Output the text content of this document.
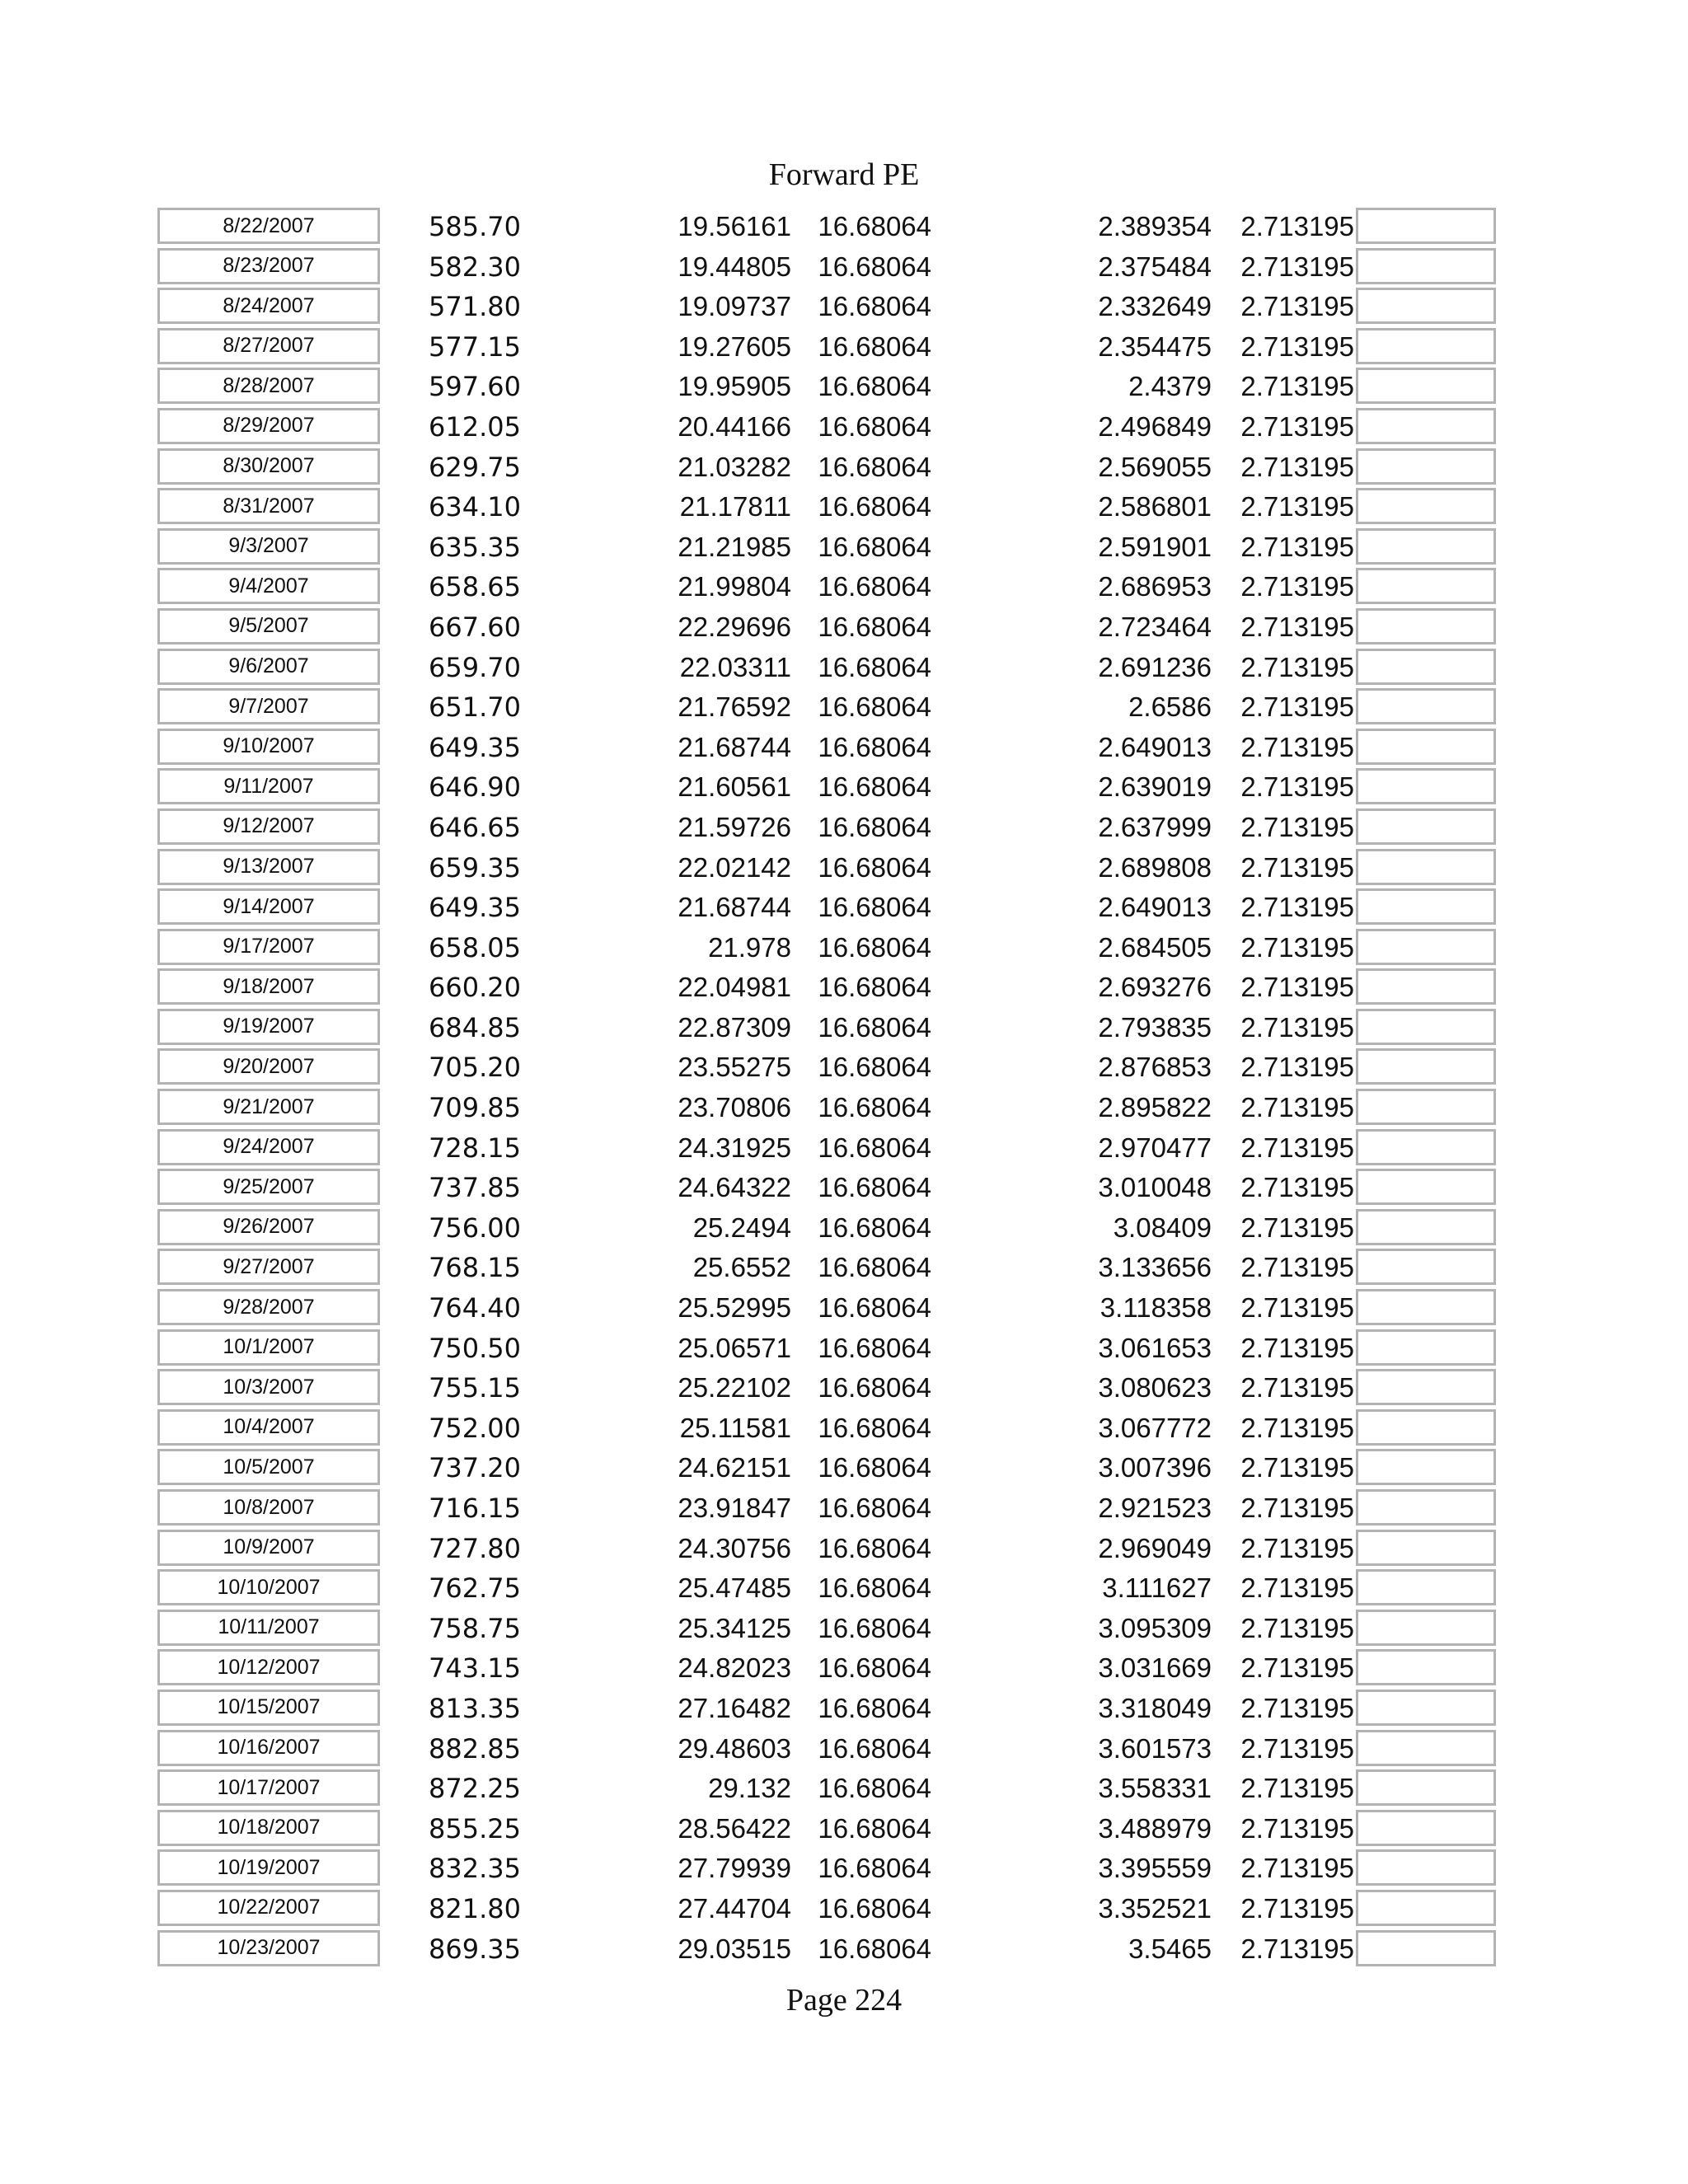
Forward PE
8/22/2007	585.70	19.56161 16.68064	2.389354	2.713195
8/23/2007	582.30	19.44805 16.68064	2.375484	2.713195
8/24/2007	571.80	19.09737 16.68064	2.332649	2.713195
8/27/2007	577.15	19.27605 16.68064	2.354475	2.713195
8/28/2007	597.60	19.95905 16.68064	2.4379	2.713195
8/29/2007	612.05	20.44166 16.68064	2.496849	2.713195
8/30/2007	629.75	21.03282 16.68064	2.569055	2.713195
8/31/2007	634.10	21.17811 16.68064	2.586801	2.713195
9/3/2007	635.35	21.21985 16.68064	2.591901	2.713195
9/4/2007	658.65	21.99804 16.68064	2.686953	2.713195
9/5/2007	667.60	22.29696 16.68064	2.723464	2.713195
9/6/2007	659.70	22.03311 16.68064	2.691236	2.713195
9/7/2007	651.70	21.76592 16.68064	2.6586	2.713195
9/10/2007	649.35	21.68744 16.68064	2.649013	2.713195
9/11/2007	646.90	21.60561 16.68064	2.639019	2.713195
9/12/2007	646.65	21.59726 16.68064	2.637999	2.713195
9/13/2007	659.35	22.02142 16.68064	2.689808	2.713195
9/14/2007	649.35	21.68744 16.68064	2.649013	2.713195
9/17/2007	658.05	21.978 16.68064	2.684505	2.713195
9/18/2007	660.20	22.04981 16.68064	2.693276	2.713195
9/19/2007	684.85	22.87309 16.68064	2.793835	2.713195
9/20/2007	705.20	23.55275 16.68064	2.876853	2.713195
9/21/2007	709.85	23.70806 16.68064	2.895822	2.713195
9/24/2007	728.15	24.31925 16.68064	2.970477	2.713195
9/25/2007	737.85	24.64322 16.68064	3.010048	2.713195
9/26/2007	756.00	25.2494 16.68064	3.08409	2.713195
9/27/2007	768.15	25.6552 16.68064	3.133656	2.713195
9/28/2007	764.40	25.52995 16.68064	3.118358	2.713195
10/1/2007	750.50	25.06571 16.68064	3.061653	2.713195
10/3/2007	755.15	25.22102 16.68064	3.080623	2.713195
10/4/2007	752.00	25.11581 16.68064	3.067772	2.713195
10/5/2007	737.20	24.62151 16.68064	3.007396	2.713195
10/8/2007	716.15	23.91847 16.68064	2.921523	2.713195
10/9/2007	727.80	24.30756 16.68064	2.969049	2.713195
10/10/2007	762.75	25.47485 16.68064	3.111627	2.713195
10/11/2007	758.75	25.34125 16.68064	3.095309	2.713195
10/12/2007	743.15	24.82023 16.68064	3.031669	2.713195
10/15/2007	813.35	27.16482 16.68064	3.318049	2.713195
10/16/2007	882.85	29.48603 16.68064	3.601573	2.713195
10/17/2007	872.25	29.132 16.68064	3.558331	2.713195
10/18/2007	855.25	28.56422 16.68064	3.488979	2.713195
10/19/2007	832.35	27.79939 16.68064	3.395559	2.713195
10/22/2007	821.80	27.44704 16.68064	3.352521	2.713195
10/23/2007	869.35	29.03515 16.68064	3.5465	2.713195
Page 224
